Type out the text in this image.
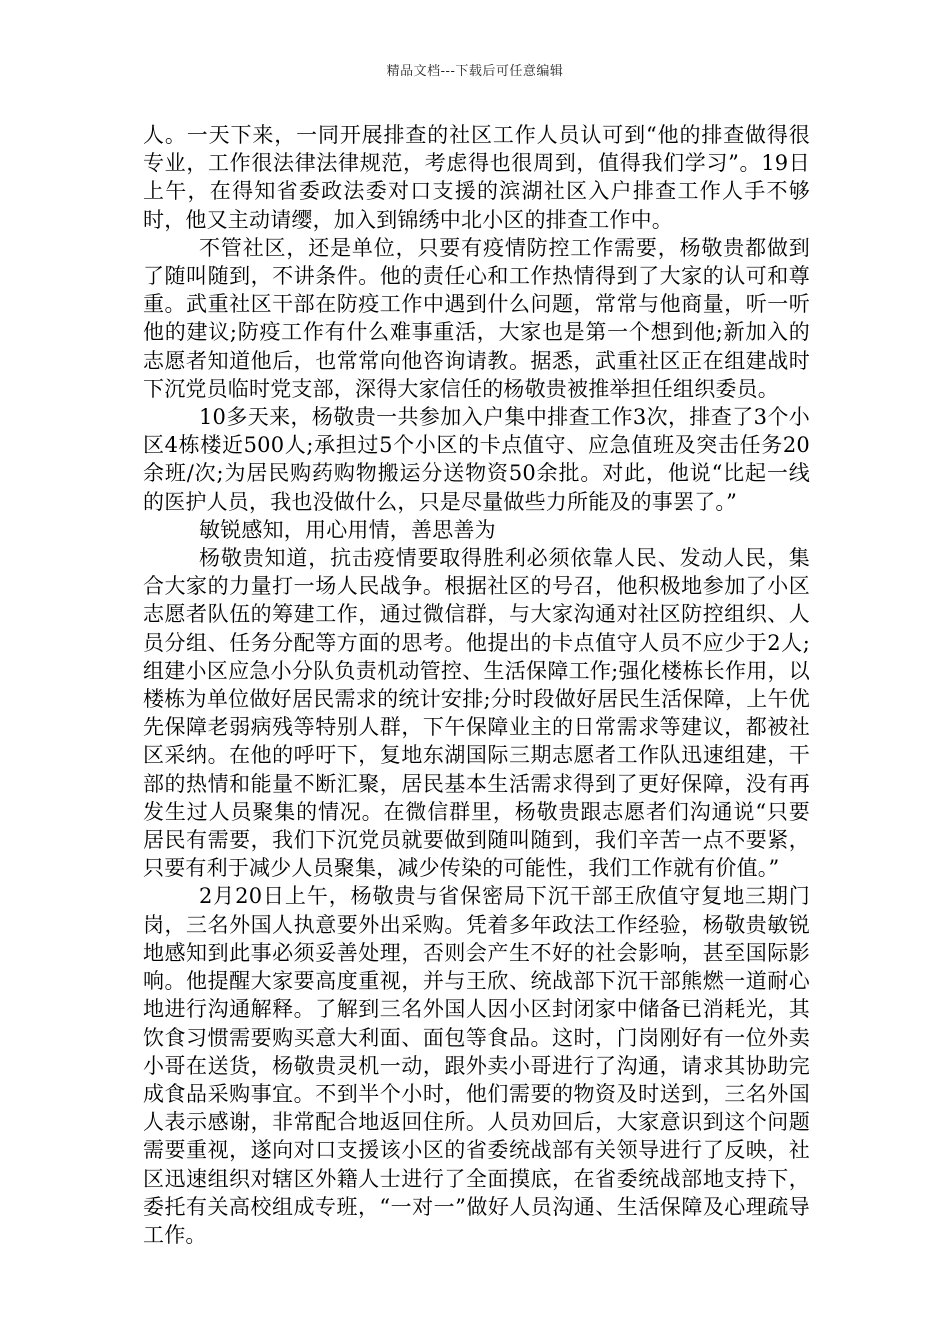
精品文档---下载后可任意编辑

人。一天下来，一同开展排查的社区工作人员认可到“他的排查做得很专业，工作很法律法律规范，考虑得也很周到，值得我们学习”。19日上午，在得知省委政法委对口支援的滨湖社区入户排查工作人手不够时，他又主动请缨，加入到锦绣中北小区的排查工作中。

不管社区，还是单位，只要有疫情防控工作需要，杨敬贵都做到了随叫随到，不讲条件。他的责任心和工作热情得到了大家的认可和尊重。武重社区干部在防疫工作中遇到什么问题，常常与他商量，听一听他的建议;防疫工作有什么难事重活，大家也是第一个想到他;新加入的志愿者知道他后，也常常向他咨询请教。据悉，武重社区正在组建战时下沉党员临时党支部，深得大家信任的杨敬贵被推举担任组织委员。

10多天来，杨敬贵一共参加入户集中排查工作3次，排查了3个小区4栋楼近500人;承担过5个小区的卡点值守、应急值班及突击任务20余班/次;为居民购药购物搬运分送物资50余批。对此，他说“比起一线的医护人员，我也没做什么，只是尽量做些力所能及的事罢了。”

敏锐感知，用心用情，善思善为

杨敬贵知道，抗击疫情要取得胜利必须依靠人民、发动人民，集合大家的力量打一场人民战争。根据社区的号召，他积极地参加了小区志愿者队伍的筹建工作，通过微信群，与大家沟通对社区防控组织、人员分组、任务分配等方面的思考。他提出的卡点值守人员不应少于2人;组建小区应急小分队负责机动管控、生活保障工作;强化楼栋长作用，以楼栋为单位做好居民需求的统计安排;分时段做好居民生活保障，上午优先保障老弱病残等特别人群，下午保障业主的日常需求等建议，都被社区采纳。在他的呼吁下，复地东湖国际三期志愿者工作队迅速组建，干部的热情和能量不断汇聚，居民基本生活需求得到了更好保障，没有再发生过人员聚集的情况。在微信群里，杨敬贵跟志愿者们沟通说“只要居民有需要，我们下沉党员就要做到随叫随到，我们辛苦一点不要紧，只要有利于减少人员聚集，减少传染的可能性，我们工作就有价值。”

2月20日上午，杨敬贵与省保密局下沉干部王欣值守复地三期门岗，三名外国人执意要外出采购。凭着多年政法工作经验，杨敬贵敏锐地感知到此事必须妥善处理，否则会产生不好的社会影响，甚至国际影响。他提醒大家要高度重视，并与王欣、统战部下沉干部熊燃一道耐心地进行沟通解释。了解到三名外国人因小区封闭家中储备已消耗光，其饮食习惯需要购买意大利面、面包等食品。这时，门岗刚好有一位外卖小哥在送货，杨敬贵灵机一动，跟外卖小哥进行了沟通，请求其协助完成食品采购事宜。不到半个小时，他们需要的物资及时送到，三名外国人表示感谢，非常配合地返回住所。人员劝回后，大家意识到这个问题需要重视，遂向对口支援该小区的省委统战部有关领导进行了反映，社区迅速组织对辖区外籍人士进行了全面摸底，在省委统战部地支持下，委托有关高校组成专班，“一对一”做好人员沟通、生活保障及心理疏导工作。
